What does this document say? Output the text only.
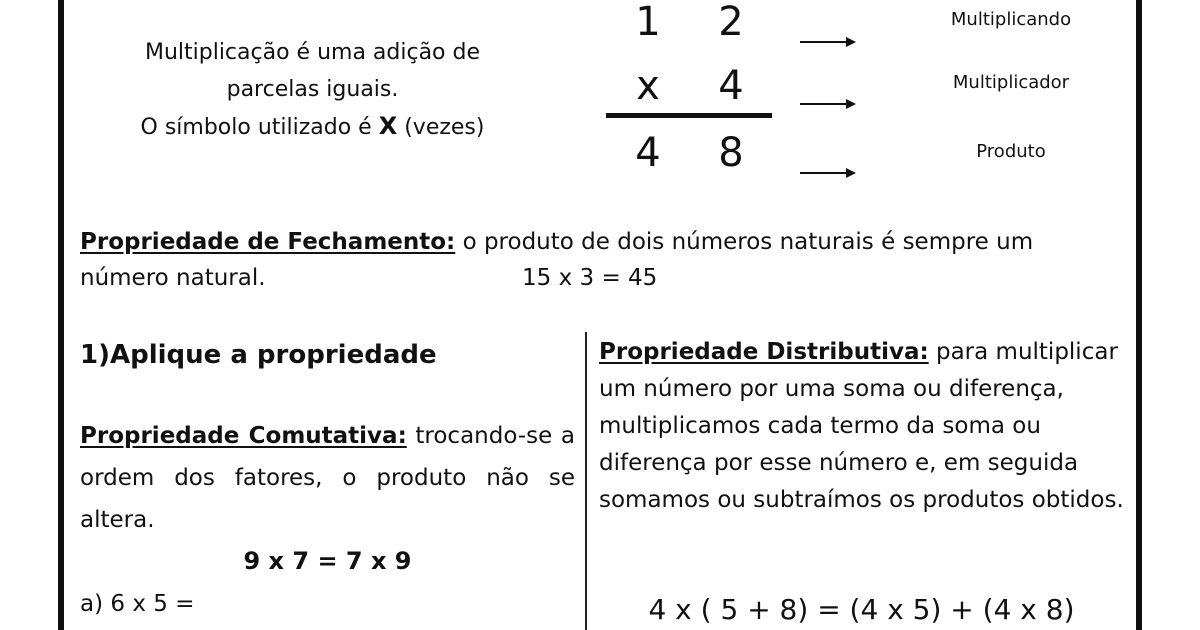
Multiplicação é uma adição de
parcelas iguais.
O símbolo utilizado é X (vezes)
1	2
x	4
4	8
Multiplicando
Multiplicador
Produto
Propriedade de Fechamento: o produto de dois números naturais é sempre um número natural.	15 x 3 = 45
1)Aplique a propriedade
Propriedade Comutativa: trocando-se a ordem dos fatores, o produto não se altera.
9 x 7 = 7 x 9
a) 6 x 5 =
Propriedade Distributiva: para multiplicar um número por uma soma ou diferença, multiplicamos cada termo da soma ou diferença por esse número e, em seguida somamos ou subtraímos os produtos obtidos.
4 x ( 5 + 8) = (4 x 5) + (4 x 8)
